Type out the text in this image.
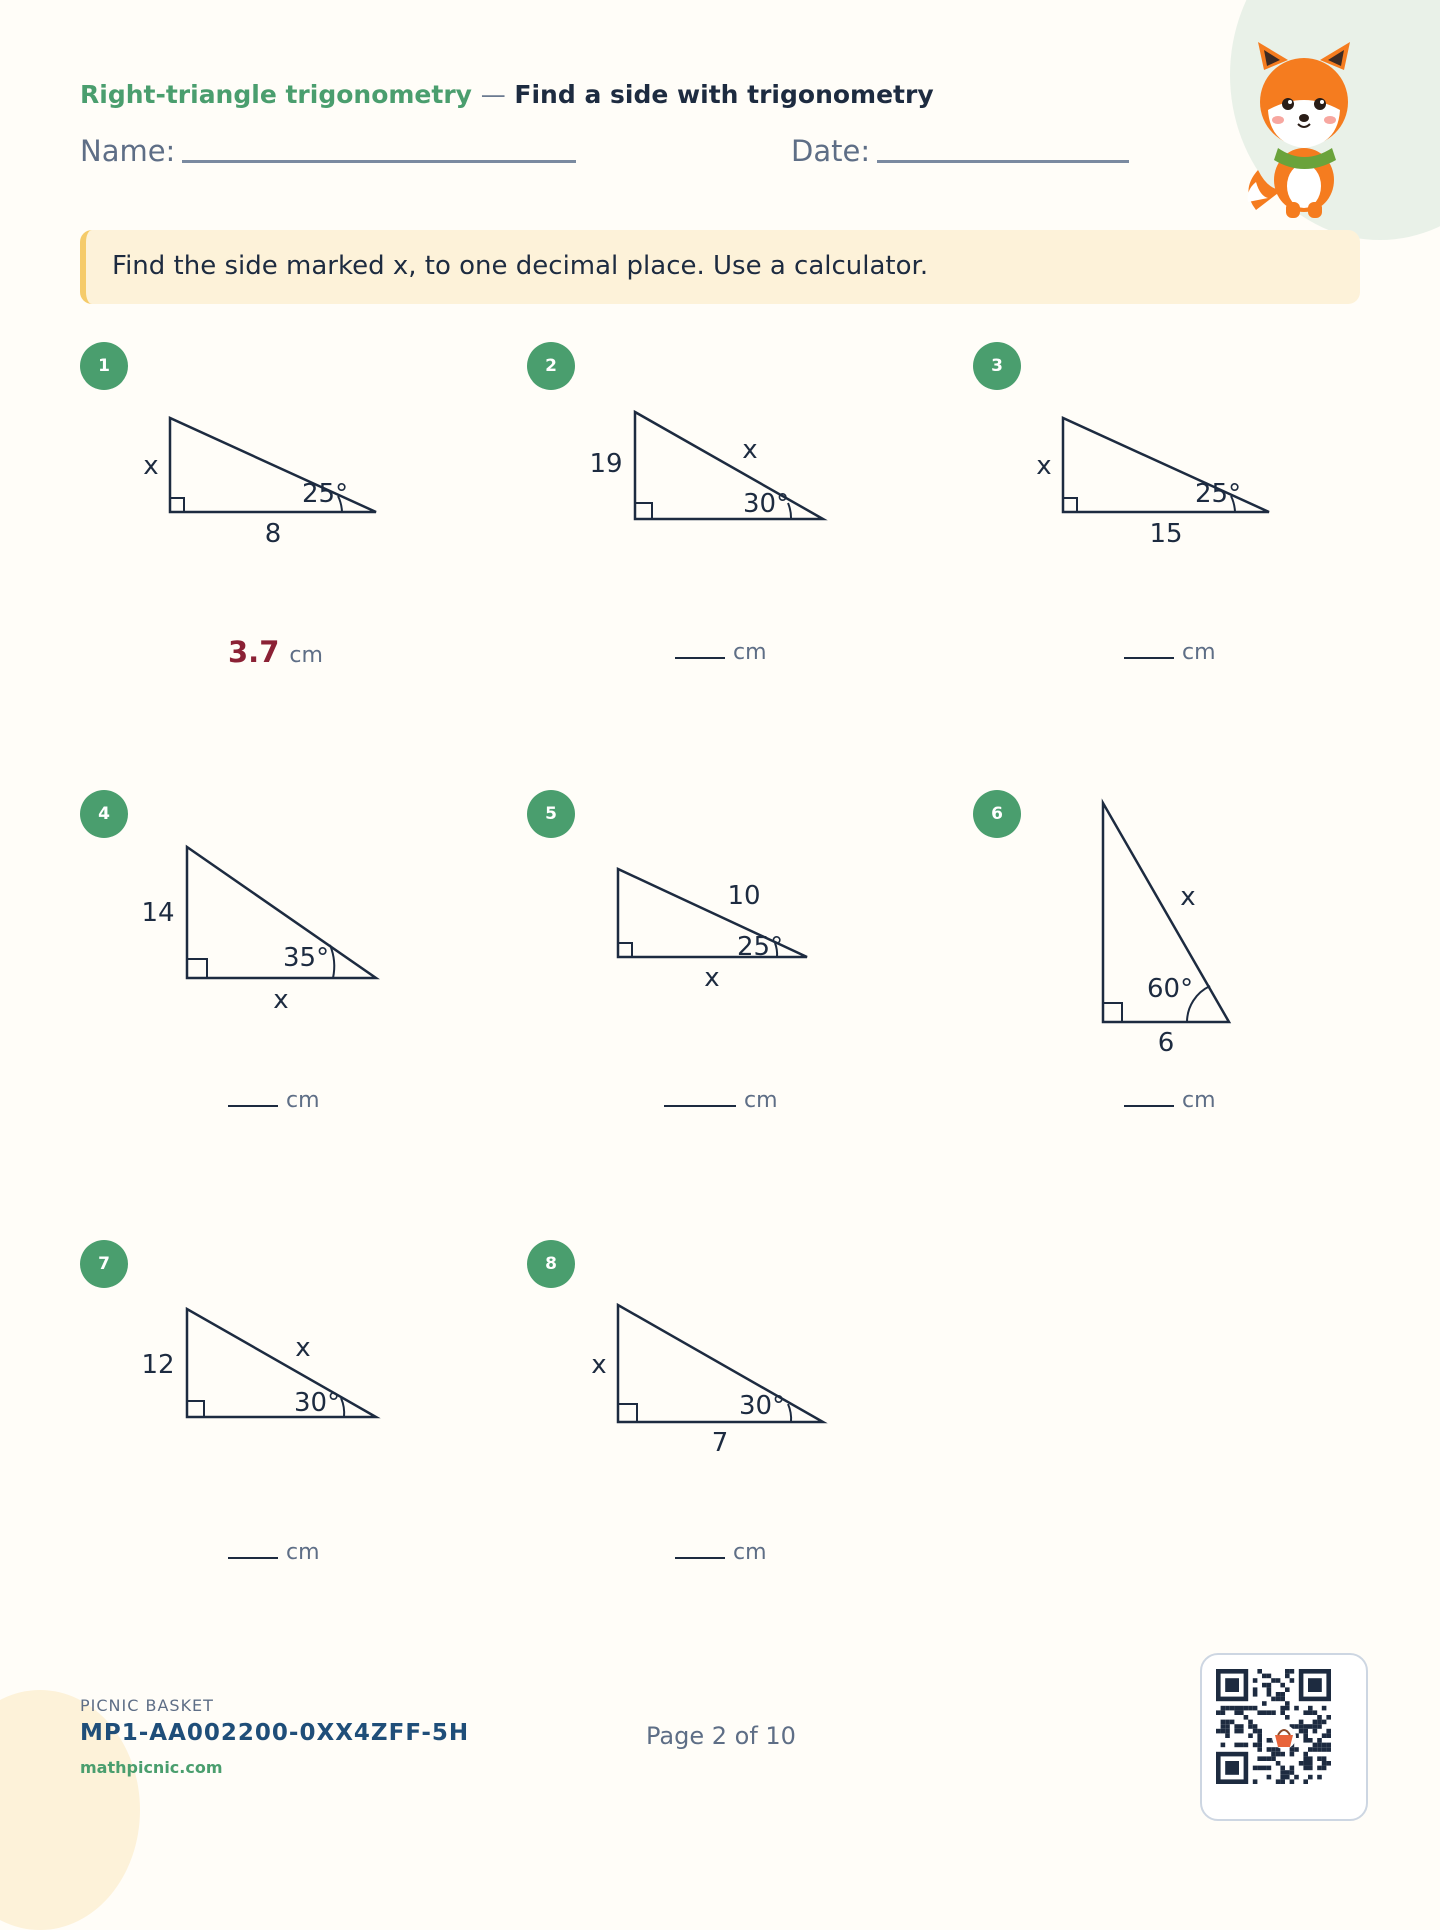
Right-triangle trigonometry — Find a side with trigonometry
Name:	Date:
Find the side marked x, to one decimal place. Use a calculator.
x
8
25°
1
3.7 cm
19	x
30°
2
cm
x
15
25°
3
cm
14
x
35°
4
cm
10
x
25°
5
cm
x
6
60°
6
cm
12
x
30°
7
cm
x
7
30°
8
cm
PICNIC BASKET
MP1-AA002200-0XX4ZFF-5H
mathpicnic.com
Page 2 of 10
